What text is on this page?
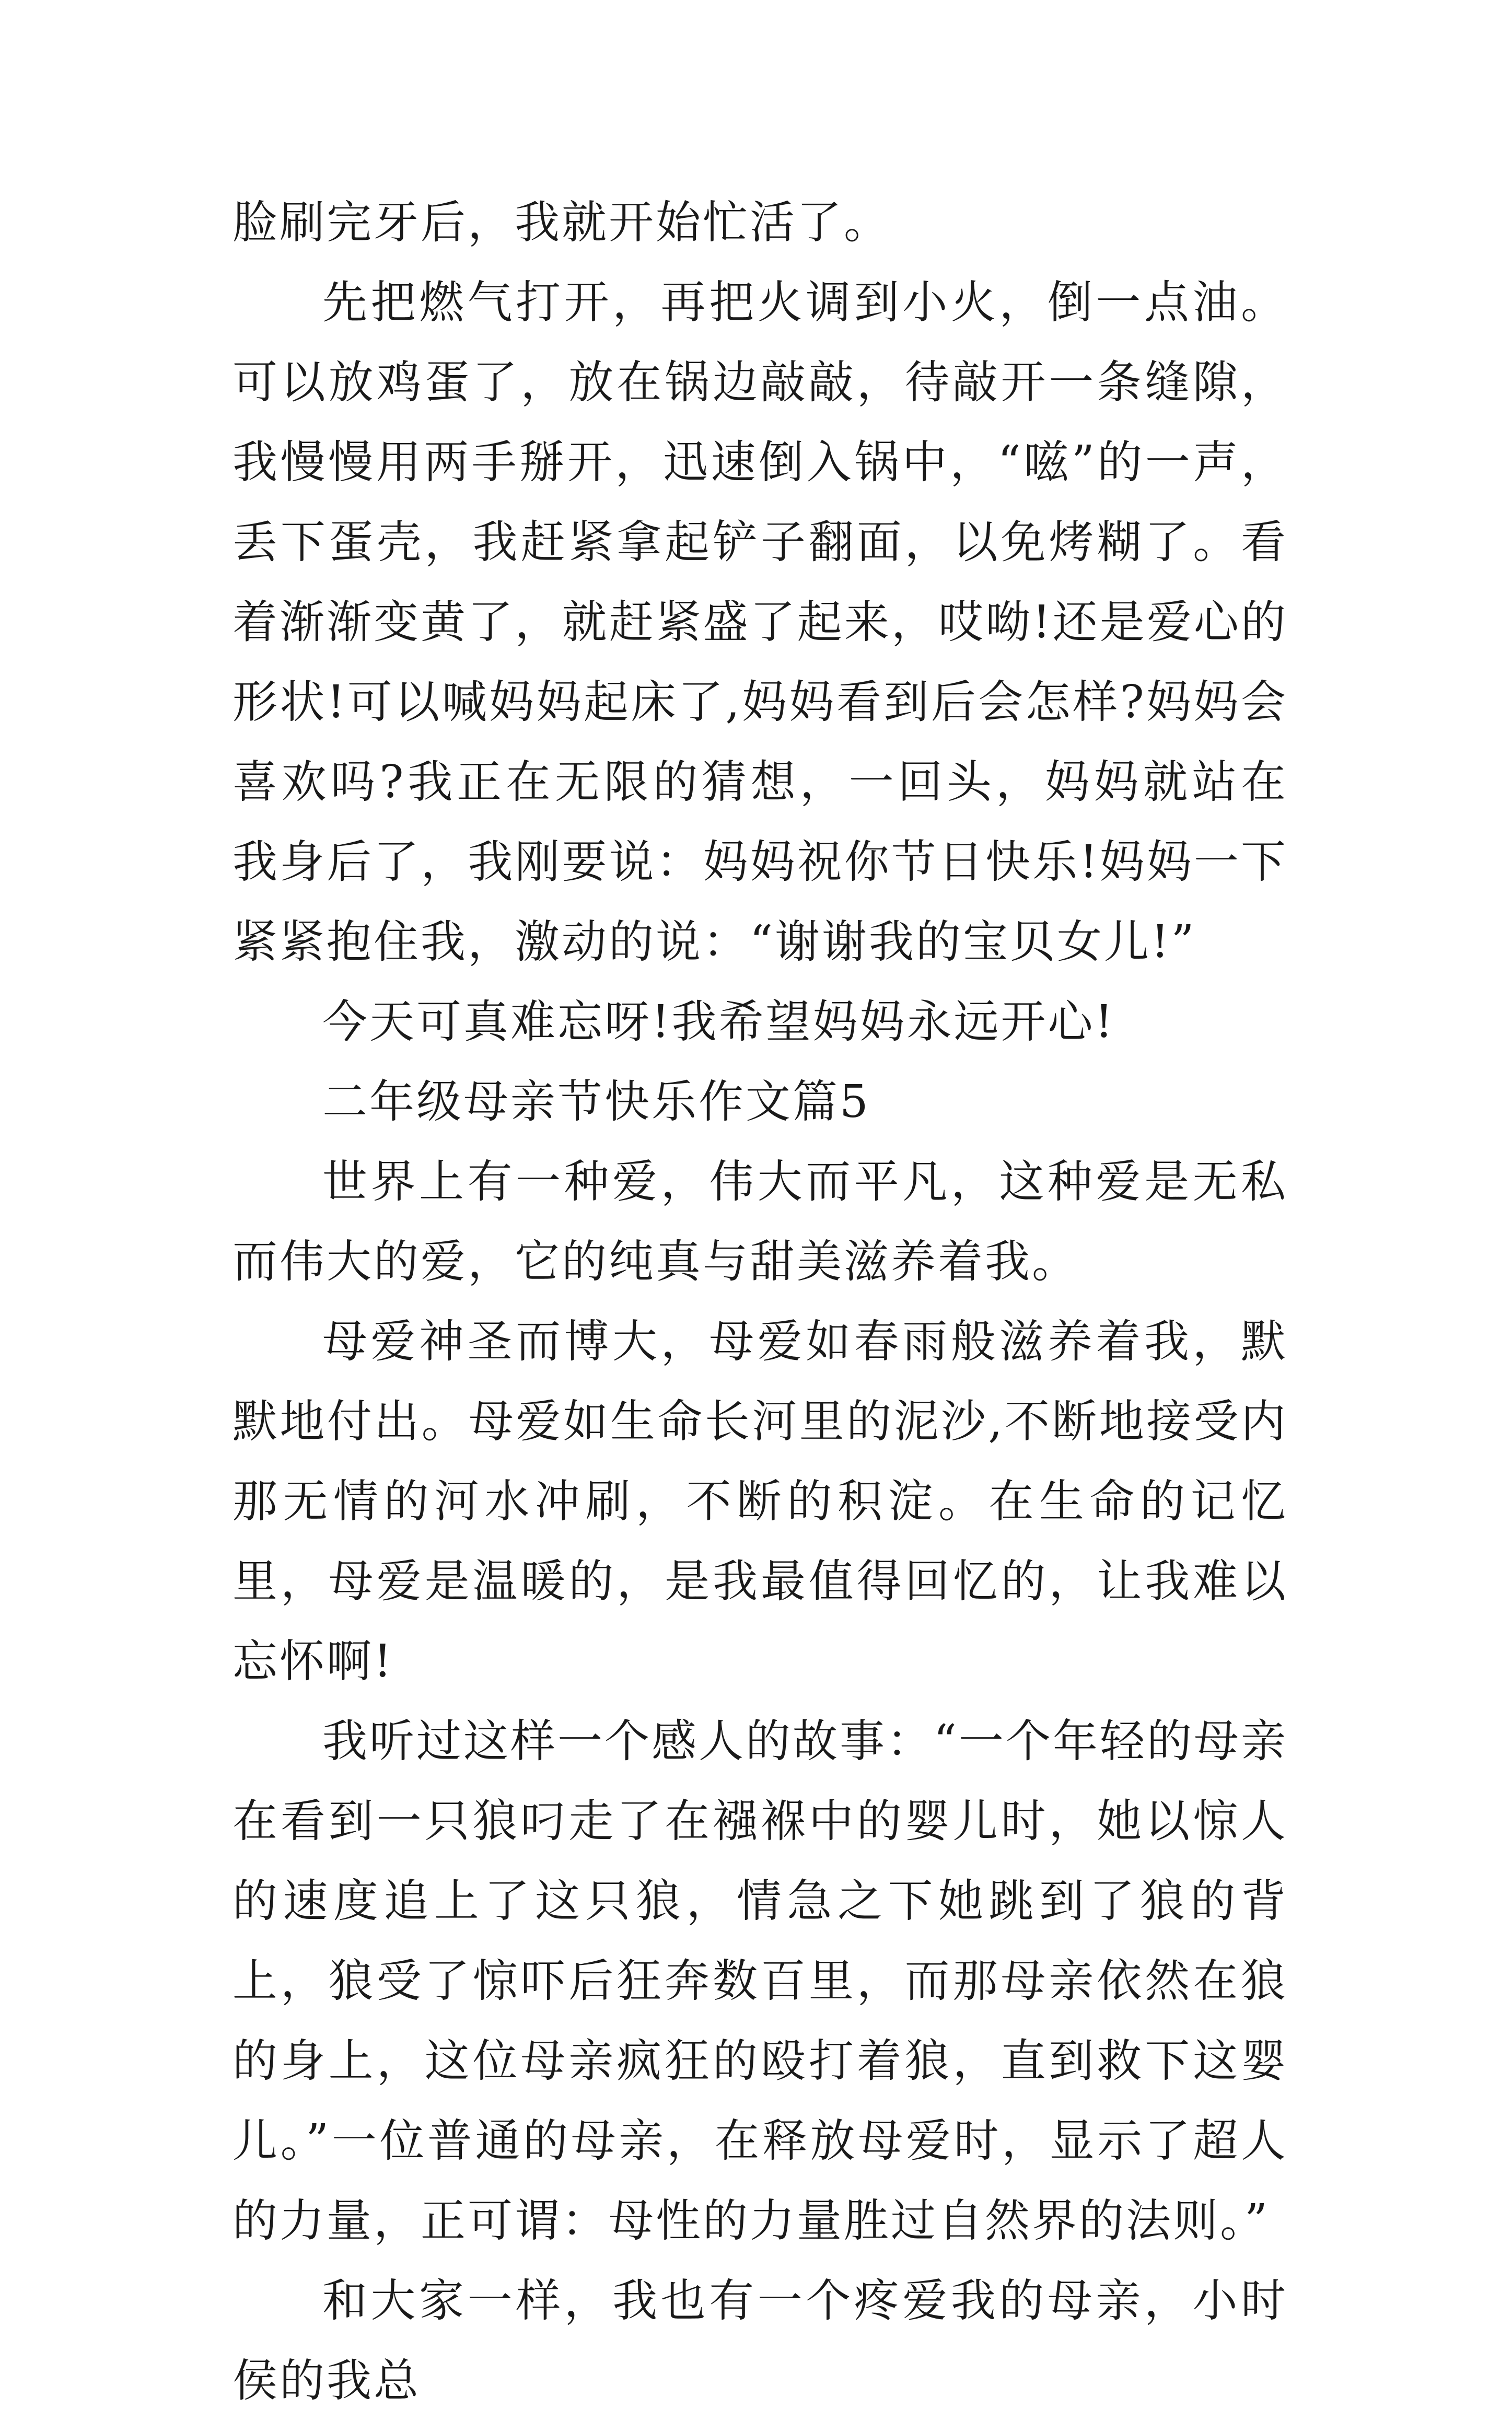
脸刷完牙后，我就开始忙活了。

先把燃气打开，再把火调到小火，倒一点油。可以放鸡蛋了，放在锅边敲敲，待敲开一条缝隙，我慢慢用两手掰开，迅速倒入锅中，“嗞”的一声，丢下蛋壳，我赶紧拿起铲子翻面，以免烤糊了。看着渐渐变黄了，就赶紧盛了起来，哎呦!还是爱心的形状!可以喊妈妈起床了,妈妈看到后会怎样?妈妈会喜欢吗?我正在无限的猜想，一回头，妈妈就站在我身后了，我刚要说：妈妈祝你节日快乐!妈妈一下紧紧抱住我，激动的说：“谢谢我的宝贝女儿!”

今天可真难忘呀!我希望妈妈永远开心!

二年级母亲节快乐作文篇5

世界上有一种爱，伟大而平凡，这种爱是无私而伟大的爱，它的纯真与甜美滋养着我。

母爱神圣而博大，母爱如春雨般滋养着我，默默地付出。母爱如生命长河里的泥沙,不断地接受内那无情的河水冲刷，不断的积淀。在生命的记忆里，母爱是温暖的，是我最值得回忆的，让我难以忘怀啊!

我听过这样一个感人的故事：“一个年轻的母亲在看到一只狼叼走了在襁褓中的婴儿时，她以惊人的速度追上了这只狼，情急之下她跳到了狼的背上，狼受了惊吓后狂奔数百里，而那母亲依然在狼的身上，这位母亲疯狂的殴打着狼，直到救下这婴儿。”一位普通的母亲，在释放母爱时，显示了超人的力量，正可谓：母性的力量胜过自然界的法则。”

和大家一样，我也有一个疼爱我的母亲，小时侯的我总
